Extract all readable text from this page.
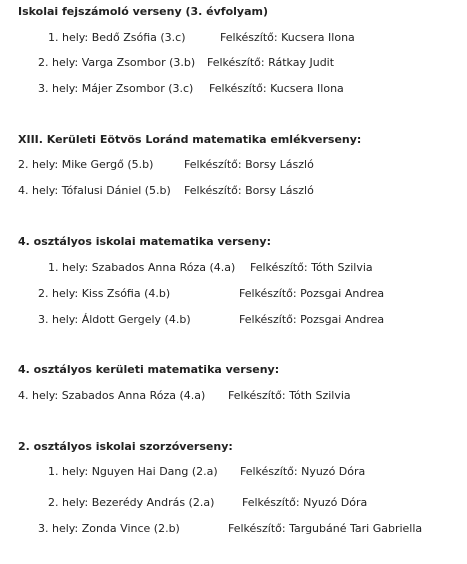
Iskolai fejszámoló verseny (3. évfolyam)
1. hely: Bedő Zsófia (3.c)	Felkészítő: Kucsera Ilona
2. hely: Varga Zsombor (3.b) Felkészítő: Rátkay Judit
3. hely: Májer Zsombor (3.c) Felkészítő: Kucsera Ilona
XIII. Kerületi Eötvös Loránd matematika emlékverseny:
2. hely: Mike Gergő (5.b)	Felkészítő: Borsy László
4. hely: Tófalusi Dániel (5.b) Felkészítő: Borsy László
4. osztályos iskolai matematika verseny:
1. hely: Szabados Anna Róza (4.a) Felkészítő: Tóth Szilvia
2. hely: Kiss Zsófia (4.b)	Felkészítő: Pozsgai Andrea
3. hely: Áldott Gergely (4.b)	Felkészítő: Pozsgai Andrea
4. osztályos kerületi matematika verseny:
4. hely: Szabados Anna Róza (4.a) Felkészítő: Tóth Szilvia
2. osztályos iskolai szorzóverseny:
1. hely: Nguyen Hai Dang (2.a) Felkészítő: Nyuzó Dóra
2. hely: Bezerédy András (2.a)	Felkészítő: Nyuzó Dóra
3. hely: Zonda Vince (2.b)	Felkészítő: Targubáné Tari Gabriella
